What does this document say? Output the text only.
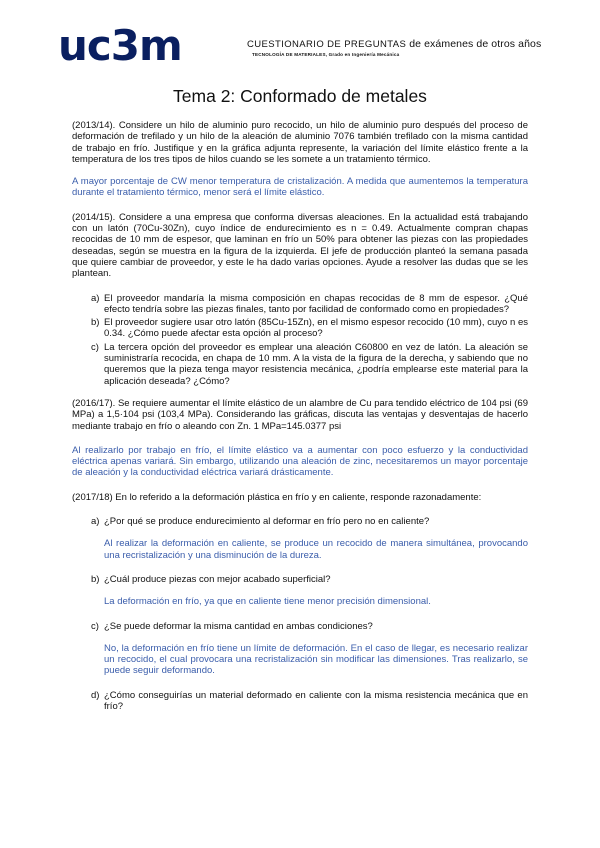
uc3m	CUESTIONARIO DE PREGUNTAS de exámenes de otros años
TECNOLOGÍA DE MATERIALES, Grado en Ingeniería Mecánica
Tema 2: Conformado de metales

(2013/14). Considere un hilo de aluminio puro recocido, un hilo de aluminio puro después del proceso de deformación de trefilado y un hilo de la aleación de aluminio 7076 también trefilado con la misma cantidad de trabajo en frío. Justifique y en la gráfica adjunta represente, la variación del límite elástico frente a la temperatura de los tres tipos de hilos cuando se les somete a un tratamiento térmico.

A mayor porcentaje de CW menor temperatura de cristalización. A medida que aumentemos la temperatura durante el tratamiento térmico, menor será el límite elástico.

(2014/15). Considere a una empresa que conforma diversas aleaciones. En la actualidad está trabajando con un latón (70Cu-30Zn), cuyo índice de endurecimiento es n = 0.49. Actualmente compran chapas recocidas de 10 mm de espesor, que laminan en frío un 50% para obtener las piezas con las propiedades deseadas, según se muestra en la figura de la izquierda. El jefe de producción planteó la semana pasada que quiere cambiar de proveedor, y este le ha dado varias opciones. Ayude a resolver las dudas que se les plantean.

a) El proveedor mandaría la misma composición en chapas recocidas de 8 mm de espesor. ¿Qué efecto tendría sobre las piezas finales, tanto por facilidad de conformado como en propiedades?

b) El proveedor sugiere usar otro latón (85Cu-15Zn), en el mismo espesor recocido (10 mm), cuyo n es 0.34. ¿Cómo puede afectar esta opción al proceso?

c) La tercera opción del proveedor es emplear una aleación C60800 en vez de latón. La aleación se suministraría recocida, en chapa de 10 mm. A la vista de la figura de la derecha, y sabiendo que no queremos que la pieza tenga mayor resistencia mecánica, ¿podría emplearse este material para la aplicación deseada? ¿Cómo?

(2016/17). Se requiere aumentar el límite elástico de un alambre de Cu para tendido eléctrico de 104 psi (69 MPa) a 1,5·104 psi (103,4 MPa). Considerando las gráficas, discuta las ventajas y desventajas de hacerlo mediante trabajo en frío o aleando con Zn. 1 MPa=145.0377 psi

Al realizarlo por trabajo en frío, el límite elástico va a aumentar con poco esfuerzo y la conductividad eléctrica apenas variará. Sin embargo, utilizando una aleación de zinc, necesitaremos un mayor porcentaje de aleación y la conductividad eléctrica variará drásticamente.

(2017/18) En lo referido a la deformación plástica en frío y en caliente, responde razonadamente:

a) ¿Por qué se produce endurecimiento al deformar en frío pero no en caliente?

Al realizar la deformación en caliente, se produce un recocido de manera simultánea, provocando una recristalización y una disminución de la dureza.

b) ¿Cuál produce piezas con mejor acabado superficial?

La deformación en frío, ya que en caliente tiene menor precisión dimensional.

c) ¿Se puede deformar la misma cantidad en ambas condiciones?

No, la deformación en frío tiene un límite de deformación. En el caso de llegar, es necesario realizar un recocido, el cual provocara una recristalización sin modificar las dimensiones. Tras realizarlo, se puede seguir deformando.

d) ¿Cómo conseguirías un material deformado en caliente con la misma resistencia mecánica que en frío?
